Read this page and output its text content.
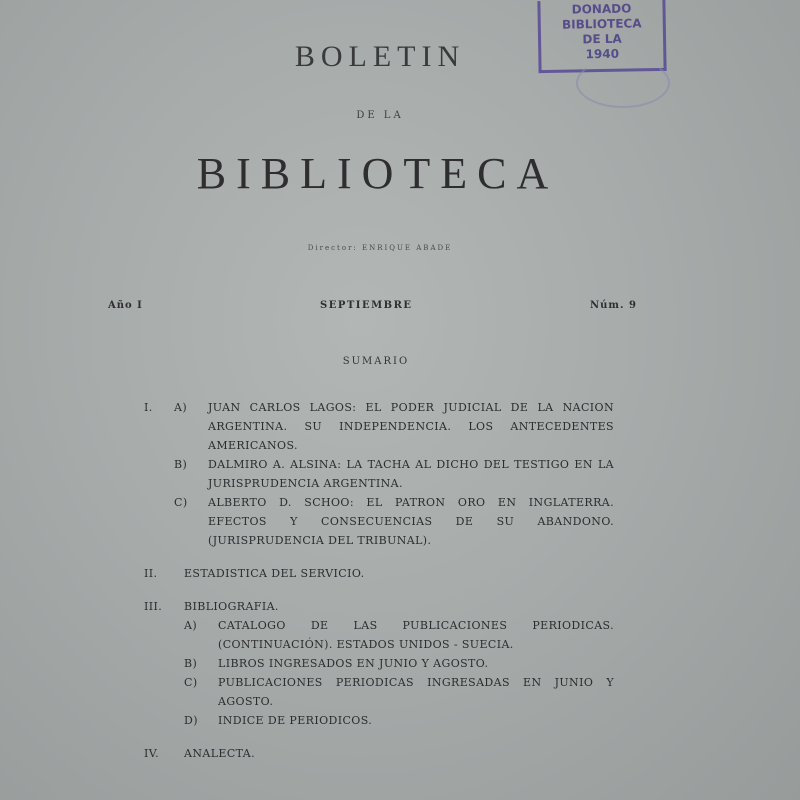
DONADO
BIBLIOTECA
DE LA
1940
BOLETIN
DE LA
BIBLIOTECA
Director: ENRIQUE ABADE
Año I	SEPTIEMBRE	Núm. 9
SUMARIO
I.	A)	JUAN CARLOS LAGOS: EL PODER JUDICIAL DE LA NACION ARGENTINA. SU INDEPENDENCIA. LOS ANTECEDENTES AMERICANOS.
B)	DALMIRO A. ALSINA: LA TACHA AL DICHO DEL TESTIGO EN LA JURISPRUDENCIA ARGENTINA.
C)	ALBERTO D. SCHOO: EL PATRON ORO EN INGLATERRA. EFECTOS Y CONSECUENCIAS DE SU ABANDONO. (JURISPRUDENCIA DEL TRIBUNAL).
II.	ESTADISTICA DEL SERVICIO.
III.	BIBLIOGRAFIA.
A)	CATALOGO DE LAS PUBLICACIONES PERIODICAS. (CONTINUACIÓN). ESTADOS UNIDOS - SUECIA.
B)	LIBROS INGRESADOS EN JUNIO Y AGOSTO.
C)	PUBLICACIONES PERIODICAS INGRESADAS EN JUNIO Y AGOSTO.
D)	INDICE DE PERIODICOS.
IV.	ANALECTA.
